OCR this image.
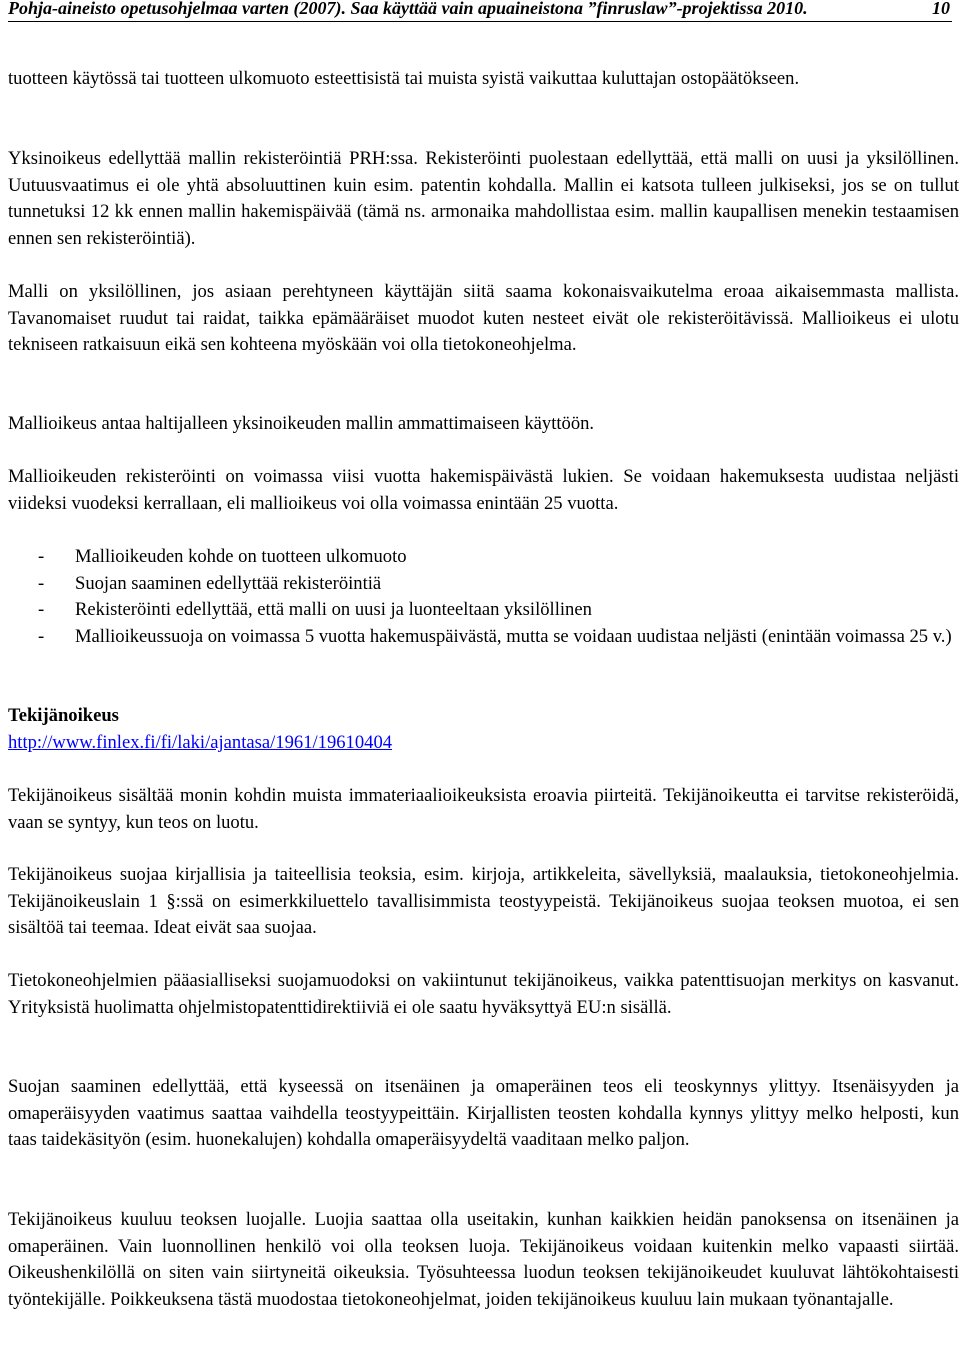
Pohja-aineisto opetusohjelmaa varten (2007). Saa käyttää vain apuaineistona ”finruslaw”-projektissa 2010.	10

tuotteen käytössä tai tuotteen ulkomuoto esteettisistä tai muista syistä vaikuttaa kuluttajan ostopäätökseen.

Yksinoikeus edellyttää mallin rekisteröintiä PRH:ssa. Rekisteröinti puolestaan edellyttää, että malli on uusi ja yksilöllinen. Uutuusvaatimus ei ole yhtä absoluuttinen kuin esim. patentin kohdalla. Mallin ei katsota tulleen julkiseksi, jos se on tullut tunnetuksi 12 kk ennen mallin hakemispäivää (tämä ns. armonaika mahdollistaa esim. mallin kaupallisen menekin testaamisen ennen sen rekisteröintiä).

Malli on yksilöllinen, jos asiaan perehtyneen käyttäjän siitä saama kokonaisvaikutelma eroaa aikaisemmasta mallista. Tavanomaiset ruudut tai raidat, taikka epämääräiset muodot kuten nesteet eivät ole rekisteröitävissä. Mallioikeus ei ulotu tekniseen ratkaisuun eikä sen kohteena myöskään voi olla tietokoneohjelma.

Mallioikeus antaa haltijalleen yksinoikeuden mallin ammattimaiseen käyttöön.

Mallioikeuden rekisteröinti on voimassa viisi vuotta hakemispäivästä lukien. Se voidaan hakemuksesta uudistaa neljästi viideksi vuodeksi kerrallaan, eli mallioikeus voi olla voimassa enintään 25 vuotta.

- Mallioikeuden kohde on tuotteen ulkomuoto
- Suojan saaminen edellyttää rekisteröintiä
- Rekisteröinti edellyttää, että malli on uusi ja luonteeltaan yksilöllinen
- Mallioikeussuoja on voimassa 5 vuotta hakemuspäivästä, mutta se voidaan uudistaa neljästi (enintään voimassa 25 v.)

Tekijänoikeus

http://www.finlex.fi/fi/laki/ajantasa/1961/19610404

Tekijänoikeus sisältää monin kohdin muista immateriaalioikeuksista eroavia piirteitä. Tekijänoikeutta ei tarvitse rekisteröidä, vaan se syntyy, kun teos on luotu.

Tekijänoikeus suojaa kirjallisia ja taiteellisia teoksia, esim. kirjoja, artikkeleita, sävellyksiä, maalauksia, tietokoneohjelmia. Tekijänoikeuslain 1 §:ssä on esimerkkiluettelo tavallisimmista teostyypeistä. Tekijänoikeus suojaa teoksen muotoa, ei sen sisältöä tai teemaa. Ideat eivät saa suojaa.

Tietokoneohjelmien pääasialliseksi suojamuodoksi on vakiintunut tekijänoikeus, vaikka patenttisuojan merkitys on kasvanut. Yrityksistä huolimatta ohjelmistopatenttidirektiiviä ei ole saatu hyväksyttyä EU:n sisällä.

Suojan saaminen edellyttää, että kyseessä on itsenäinen ja omaperäinen teos eli teoskynnys ylittyy. Itsenäisyyden ja omaperäisyyden vaatimus saattaa vaihdella teostyypeittäin. Kirjallisten teosten kohdalla kynnys ylittyy melko helposti, kun taas taidekäsityön (esim. huonekalujen) kohdalla omaperäisyydeltä vaaditaan melko paljon.

Tekijänoikeus kuuluu teoksen luojalle. Luojia saattaa olla useitakin, kunhan kaikkien heidän panoksensa on itsenäinen ja omaperäinen. Vain luonnollinen henkilö voi olla teoksen luoja. Tekijänoikeus voidaan kuitenkin melko vapaasti siirtää. Oikeushenkilöllä on siten vain siirtyneitä oikeuksia. Työsuhteessa luodun teoksen tekijänoikeudet kuuluvat lähtökohtaisesti työntekijälle. Poikkeuksena tästä muodostaa tietokoneohjelmat, joiden tekijänoikeus kuuluu lain mukaan työnantajalle.
